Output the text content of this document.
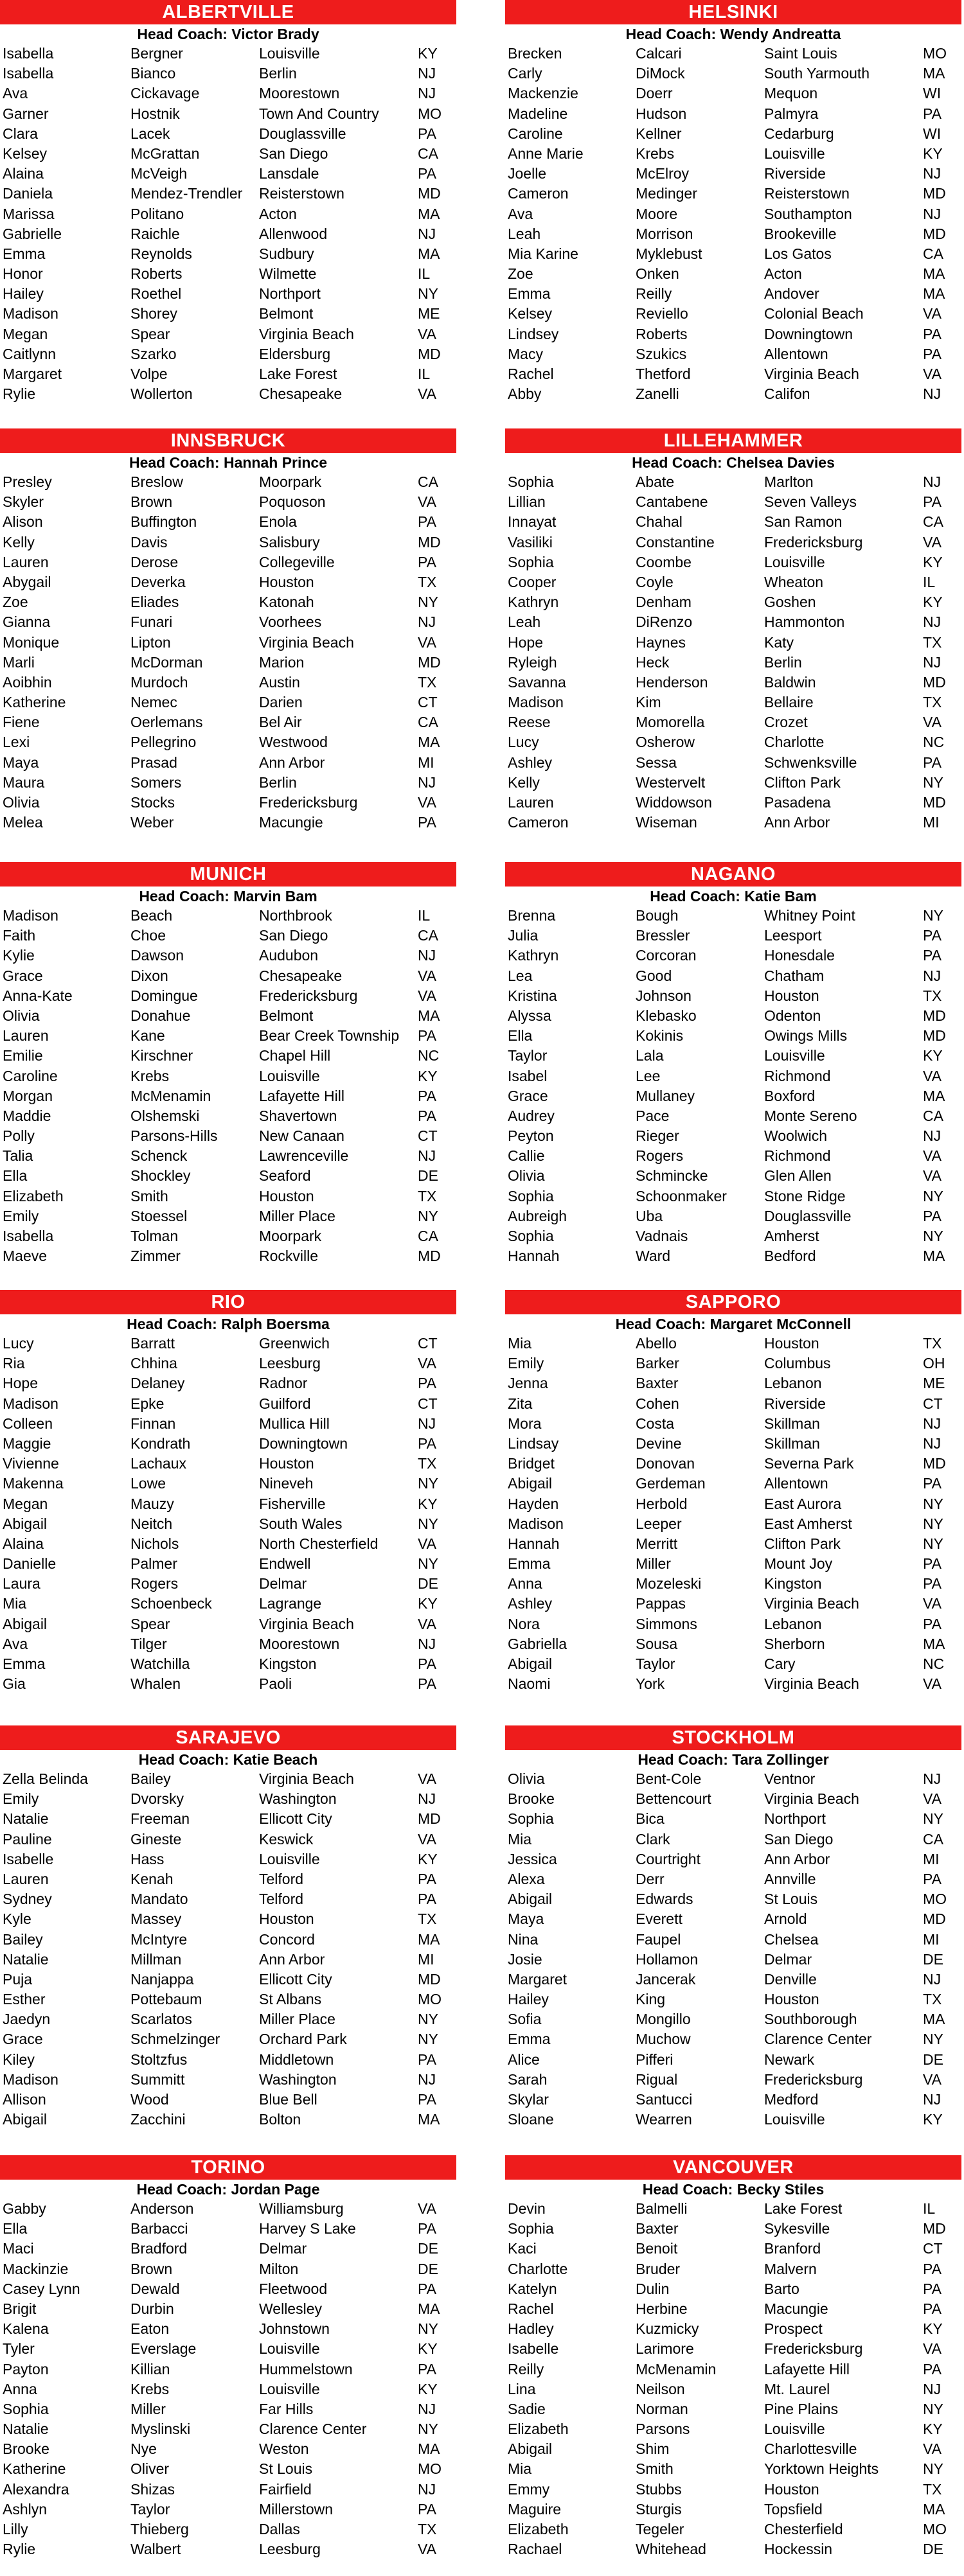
ALBERTVILLE
Head Coach: Victor Brady
Isabella	Bergner	Louisville	KY
Isabella	Bianco	Berlin	NJ
Ava	Cickavage	Moorestown	NJ
Garner	Hostnik	Town And Country	MO
Clara	Lacek	Douglassville	PA
Kelsey	McGrattan	San Diego	CA
Alaina	McVeigh	Lansdale	PA
Daniela	Mendez-Trendler	Reisterstown	MD
Marissa	Politano	Acton	MA
Gabrielle	Raichle	Allenwood	NJ
Emma	Reynolds	Sudbury	MA
Honor	Roberts	Wilmette	IL
Hailey	Roethel	Northport	NY
Madison	Shorey	Belmont	ME
Megan	Spear	Virginia Beach	VA
Caitlynn	Szarko	Eldersburg	MD
Margaret	Volpe	Lake Forest	IL
Rylie	Wollerton	Chesapeake	VA
HELSINKI
Head Coach: Wendy Andreatta
Brecken	Calcari	Saint Louis	MO
Carly	DiMock	South Yarmouth	MA
Mackenzie	Doerr	Mequon	WI
Madeline	Hudson	Palmyra	PA
Caroline	Kellner	Cedarburg	WI
Anne Marie	Krebs	Louisville	KY
Joelle	McElroy	Riverside	NJ
Cameron	Medinger	Reisterstown	MD
Ava	Moore	Southampton	NJ
Leah	Morrison	Brookeville	MD
Mia Karine	Myklebust	Los Gatos	CA
Zoe	Onken	Acton	MA
Emma	Reilly	Andover	MA
Kelsey	Reviello	Colonial Beach	VA
Lindsey	Roberts	Downingtown	PA
Macy	Szukics	Allentown	PA
Rachel	Thetford	Virginia Beach	VA
Abby	Zanelli	Califon	NJ
INNSBRUCK
Head Coach: Hannah Prince
Presley	Breslow	Moorpark	CA
Skyler	Brown	Poquoson	VA
Alison	Buffington	Enola	PA
Kelly	Davis	Salisbury	MD
Lauren	Derose	Collegeville	PA
Abygail	Deverka	Houston	TX
Zoe	Eliades	Katonah	NY
Gianna	Funari	Voorhees	NJ
Monique	Lipton	Virginia Beach	VA
Marli	McDorman	Marion	MD
Aoibhin	Murdoch	Austin	TX
Katherine	Nemec	Darien	CT
Fiene	Oerlemans	Bel Air	CA
Lexi	Pellegrino	Westwood	MA
Maya	Prasad	Ann Arbor	MI
Maura	Somers	Berlin	NJ
Olivia	Stocks	Fredericksburg	VA
Melea	Weber	Macungie	PA
LILLEHAMMER
Head Coach: Chelsea Davies
Sophia	Abate	Marlton	NJ
Lillian	Cantabene	Seven Valleys	PA
Innayat	Chahal	San Ramon	CA
Vasiliki	Constantine	Fredericksburg	VA
Sophia	Coombe	Louisville	KY
Cooper	Coyle	Wheaton	IL
Kathryn	Denham	Goshen	KY
Leah	DiRenzo	Hammonton	NJ
Hope	Haynes	Katy	TX
Ryleigh	Heck	Berlin	NJ
Savanna	Henderson	Baldwin	MD
Madison	Kim	Bellaire	TX
Reese	Momorella	Crozet	VA
Lucy	Osherow	Charlotte	NC
Ashley	Sessa	Schwenksville	PA
Kelly	Westervelt	Clifton Park	NY
Lauren	Widdowson	Pasadena	MD
Cameron	Wiseman	Ann Arbor	MI
MUNICH
Head Coach: Marvin Bam
Madison	Beach	Northbrook	IL
Faith	Choe	San Diego	CA
Kylie	Dawson	Audubon	NJ
Grace	Dixon	Chesapeake	VA
Anna-Kate	Domingue	Fredericksburg	VA
Olivia	Donahue	Belmont	MA
Lauren	Kane	Bear Creek Township	PA
Emilie	Kirschner	Chapel Hill	NC
Caroline	Krebs	Louisville	KY
Morgan	McMenamin	Lafayette Hill	PA
Maddie	Olshemski	Shavertown	PA
Polly	Parsons-Hills	New Canaan	CT
Talia	Schenck	Lawrenceville	NJ
Ella	Shockley	Seaford	DE
Elizabeth	Smith	Houston	TX
Emily	Stoessel	Miller Place	NY
Isabella	Tolman	Moorpark	CA
Maeve	Zimmer	Rockville	MD
NAGANO
Head Coach: Katie Bam
Brenna	Bough	Whitney Point	NY
Julia	Bressler	Leesport	PA
Kathryn	Corcoran	Honesdale	PA
Lea	Good	Chatham	NJ
Kristina	Johnson	Houston	TX
Alyssa	Klebasko	Odenton	MD
Ella	Kokinis	Owings Mills	MD
Taylor	Lala	Louisville	KY
Isabel	Lee	Richmond	VA
Grace	Mullaney	Boxford	MA
Audrey	Pace	Monte Sereno	CA
Peyton	Rieger	Woolwich	NJ
Callie	Rogers	Richmond	VA
Olivia	Schmincke	Glen Allen	VA
Sophia	Schoonmaker	Stone Ridge	NY
Aubreigh	Uba	Douglassville	PA
Sophia	Vadnais	Amherst	NY
Hannah	Ward	Bedford	MA
RIO
Head Coach: Ralph Boersma
Lucy	Barratt	Greenwich	CT
Ria	Chhina	Leesburg	VA
Hope	Delaney	Radnor	PA
Madison	Epke	Guilford	CT
Colleen	Finnan	Mullica Hill	NJ
Maggie	Kondrath	Downingtown	PA
Vivienne	Lachaux	Houston	TX
Makenna	Lowe	Nineveh	NY
Megan	Mauzy	Fisherville	KY
Abigail	Neitch	South Wales	NY
Alaina	Nichols	North Chesterfield	VA
Danielle	Palmer	Endwell	NY
Laura	Rogers	Delmar	DE
Mia	Schoenbeck	Lagrange	KY
Abigail	Spear	Virginia Beach	VA
Ava	Tilger	Moorestown	NJ
Emma	Watchilla	Kingston	PA
Gia	Whalen	Paoli	PA
SAPPORO
Head Coach: Margaret McConnell
Mia	Abello	Houston	TX
Emily	Barker	Columbus	OH
Jenna	Baxter	Lebanon	ME
Zita	Cohen	Riverside	CT
Mora	Costa	Skillman	NJ
Lindsay	Devine	Skillman	NJ
Bridget	Donovan	Severna Park	MD
Abigail	Gerdeman	Allentown	PA
Hayden	Herbold	East Aurora	NY
Madison	Leeper	East Amherst	NY
Hannah	Merritt	Clifton Park	NY
Emma	Miller	Mount Joy	PA
Anna	Mozeleski	Kingston	PA
Ashley	Pappas	Virginia Beach	VA
Nora	Simmons	Lebanon	PA
Gabriella	Sousa	Sherborn	MA
Abigail	Taylor	Cary	NC
Naomi	York	Virginia Beach	VA
SARAJEVO
Head Coach: Katie Beach
Zella Belinda	Bailey	Virginia Beach	VA
Emily	Dvorsky	Washington	NJ
Natalie	Freeman	Ellicott City	MD
Pauline	Gineste	Keswick	VA
Isabelle	Hass	Louisville	KY
Lauren	Kenah	Telford	PA
Sydney	Mandato	Telford	PA
Kyle	Massey	Houston	TX
Bailey	McIntyre	Concord	MA
Natalie	Millman	Ann Arbor	MI
Puja	Nanjappa	Ellicott City	MD
Esther	Pottebaum	St Albans	MO
Jaedyn	Scarlatos	Miller Place	NY
Grace	Schmelzinger	Orchard Park	NY
Kiley	Stoltzfus	Middletown	PA
Madison	Summitt	Washington	NJ
Allison	Wood	Blue Bell	PA
Abigail	Zacchini	Bolton	MA
STOCKHOLM
Head Coach: Tara Zollinger
Olivia	Bent-Cole	Ventnor	NJ
Brooke	Bettencourt	Virginia Beach	VA
Sophia	Bica	Northport	NY
Mia	Clark	San Diego	CA
Jessica	Courtright	Ann Arbor	MI
Alexa	Derr	Annville	PA
Abigail	Edwards	St Louis	MO
Maya	Everett	Arnold	MD
Nina	Faupel	Chelsea	MI
Josie	Hollamon	Delmar	DE
Margaret	Jancerak	Denville	NJ
Hailey	King	Houston	TX
Sofia	Mongillo	Southborough	MA
Emma	Muchow	Clarence Center	NY
Alice	Pifferi	Newark	DE
Sarah	Rigual	Fredericksburg	VA
Skylar	Santucci	Medford	NJ
Sloane	Wearren	Louisville	KY
TORINO
Head Coach: Jordan Page
Gabby	Anderson	Williamsburg	VA
Ella	Barbacci	Harvey S Lake	PA
Maci	Bradford	Delmar	DE
Mackinzie	Brown	Milton	DE
Casey Lynn	Dewald	Fleetwood	PA
Brigit	Durbin	Wellesley	MA
Kalena	Eaton	Johnstown	NY
Tyler	Everslage	Louisville	KY
Payton	Killian	Hummelstown	PA
Anna	Krebs	Louisville	KY
Sophia	Miller	Far Hills	NJ
Natalie	Myslinski	Clarence Center	NY
Brooke	Nye	Weston	MA
Katherine	Oliver	St Louis	MO
Alexandra	Shizas	Fairfield	NJ
Ashlyn	Taylor	Millerstown	PA
Lilly	Thieberg	Dallas	TX
Rylie	Walbert	Leesburg	VA
VANCOUVER
Head Coach: Becky Stiles
Devin	Balmelli	Lake Forest	IL
Sophia	Baxter	Sykesville	MD
Kaci	Benoit	Branford	CT
Charlotte	Bruder	Malvern	PA
Katelyn	Dulin	Barto	PA
Rachel	Herbine	Macungie	PA
Hadley	Kuzmicky	Prospect	KY
Isabelle	Larimore	Fredericksburg	VA
Reilly	McMenamin	Lafayette Hill	PA
Lina	Neilson	Mt. Laurel	NJ
Sadie	Norman	Pine Plains	NY
Elizabeth	Parsons	Louisville	KY
Abigail	Shim	Charlottesville	VA
Mia	Smith	Yorktown Heights	NY
Emmy	Stubbs	Houston	TX
Maguire	Sturgis	Topsfield	MA
Elizabeth	Tegeler	Chesterfield	MO
Rachael	Whitehead	Hockessin	DE
